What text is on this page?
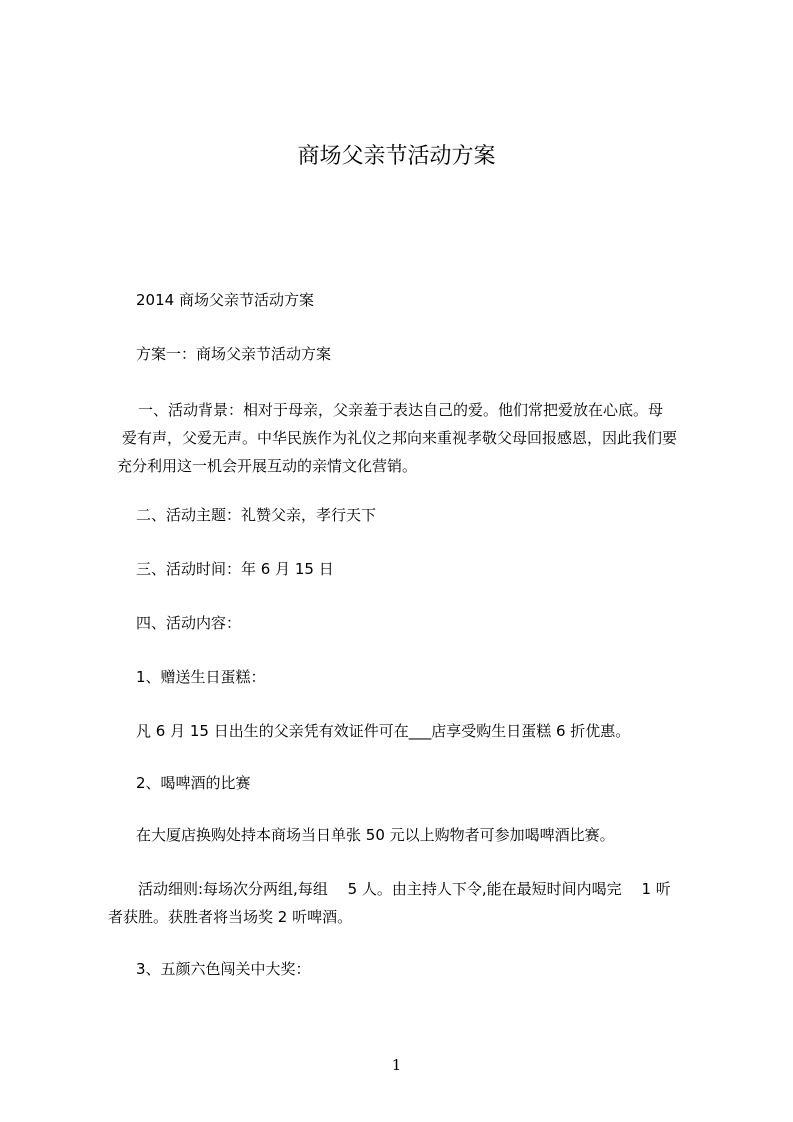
商场父亲节活动方案
2014 商场父亲节活动方案
方案一：商场父亲节活动方案
一、活动背景：相对于母亲，父亲羞于表达自己的爱。他们常把爱放在心底。母
爱有声，父爱无声。中华民族作为礼仪之邦向来重视孝敬父母回报感恩，因此我们要
充分利用这一机会开展互动的亲情文化营销。
二、活动主题：礼赞父亲，孝行天下
三、活动时间：年 6 月 15 日
四、活动内容：
1、赠送生日蛋糕：
凡 6 月 15 日出生的父亲凭有效证件可在___店享受购生日蛋糕 6 折优惠。
2、喝啤酒的比赛
在大厦店换购处持本商场当日单张 50 元以上购物者可参加喝啤酒比赛。
活动细则:每场次分两组,每组　 5 人。由主持人下令,能在最短时间内喝完　 1 听
者获胜。获胜者将当场奖 2 听啤酒。
3、五颜六色闯关中大奖：
1
